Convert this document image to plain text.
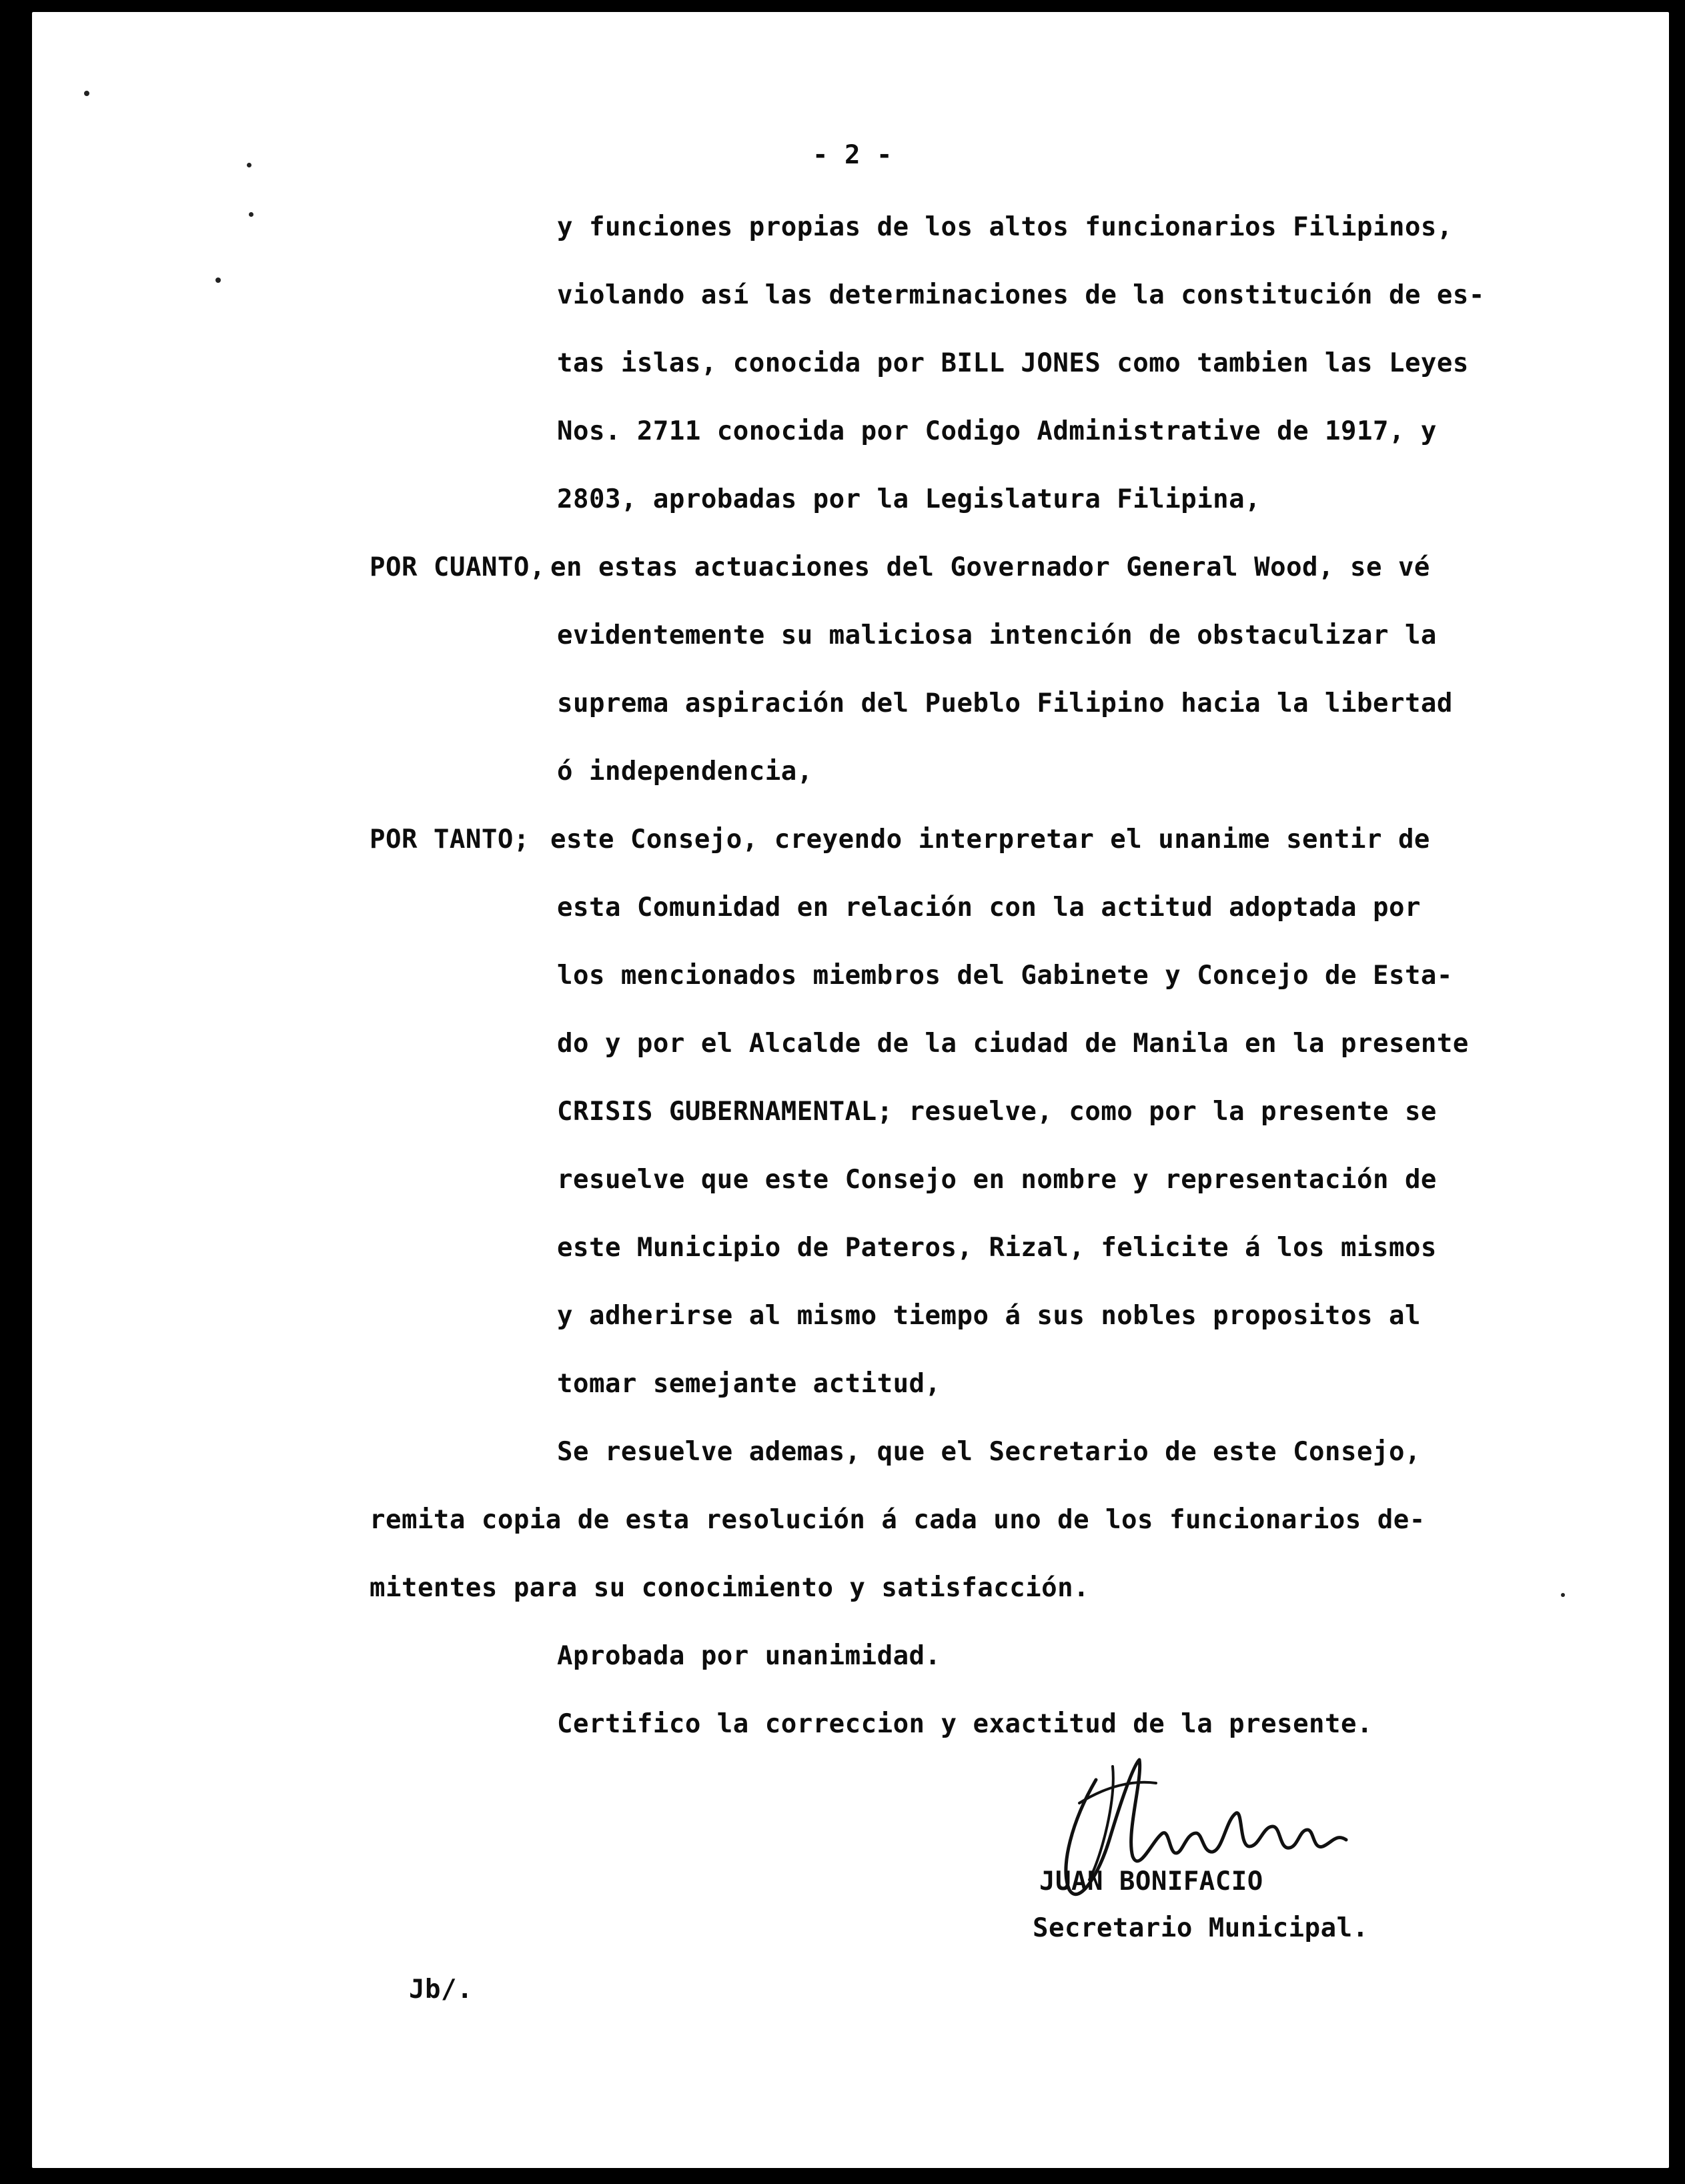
- 2 -
y funciones propias de los altos funcionarios Filipinos,
violando así las determinaciones de la constitución de es-
tas islas, conocida por BILL JONES como tambien las Leyes
Nos. 2711 conocida por Codigo Administrative de 1917, y
2803, aprobadas por la Legislatura Filipina,
POR CUANTO, en estas actuaciones del Governador General Wood, se vé
evidentemente su maliciosa intención de obstaculizar la
suprema aspiración del Pueblo Filipino hacia la libertad
ó independencia,
POR TANTO; este Consejo, creyendo interpretar el unanime sentir de
esta Comunidad en relación con la actitud adoptada por
los mencionados miembros del Gabinete y Concejo de Esta-
do y por el Alcalde de la ciudad de Manila en la presente
CRISIS GUBERNAMENTAL; resuelve, como por la presente se
resuelve que este Consejo en nombre y representación de
este Municipio de Pateros, Rizal, felicite á los mismos
y adherirse al mismo tiempo á sus nobles propositos al
tomar semejante actitud,
Se resuelve ademas, que el Secretario de este Consejo,
remita copia de esta resolución á cada uno de los funcionarios de-
mitentes para su conocimiento y satisfacción.
Aprobada por unanimidad.
Certifico la correccion y exactitud de la presente.
JUAN BONIFACIO
Secretario Municipal.
Jb/.
